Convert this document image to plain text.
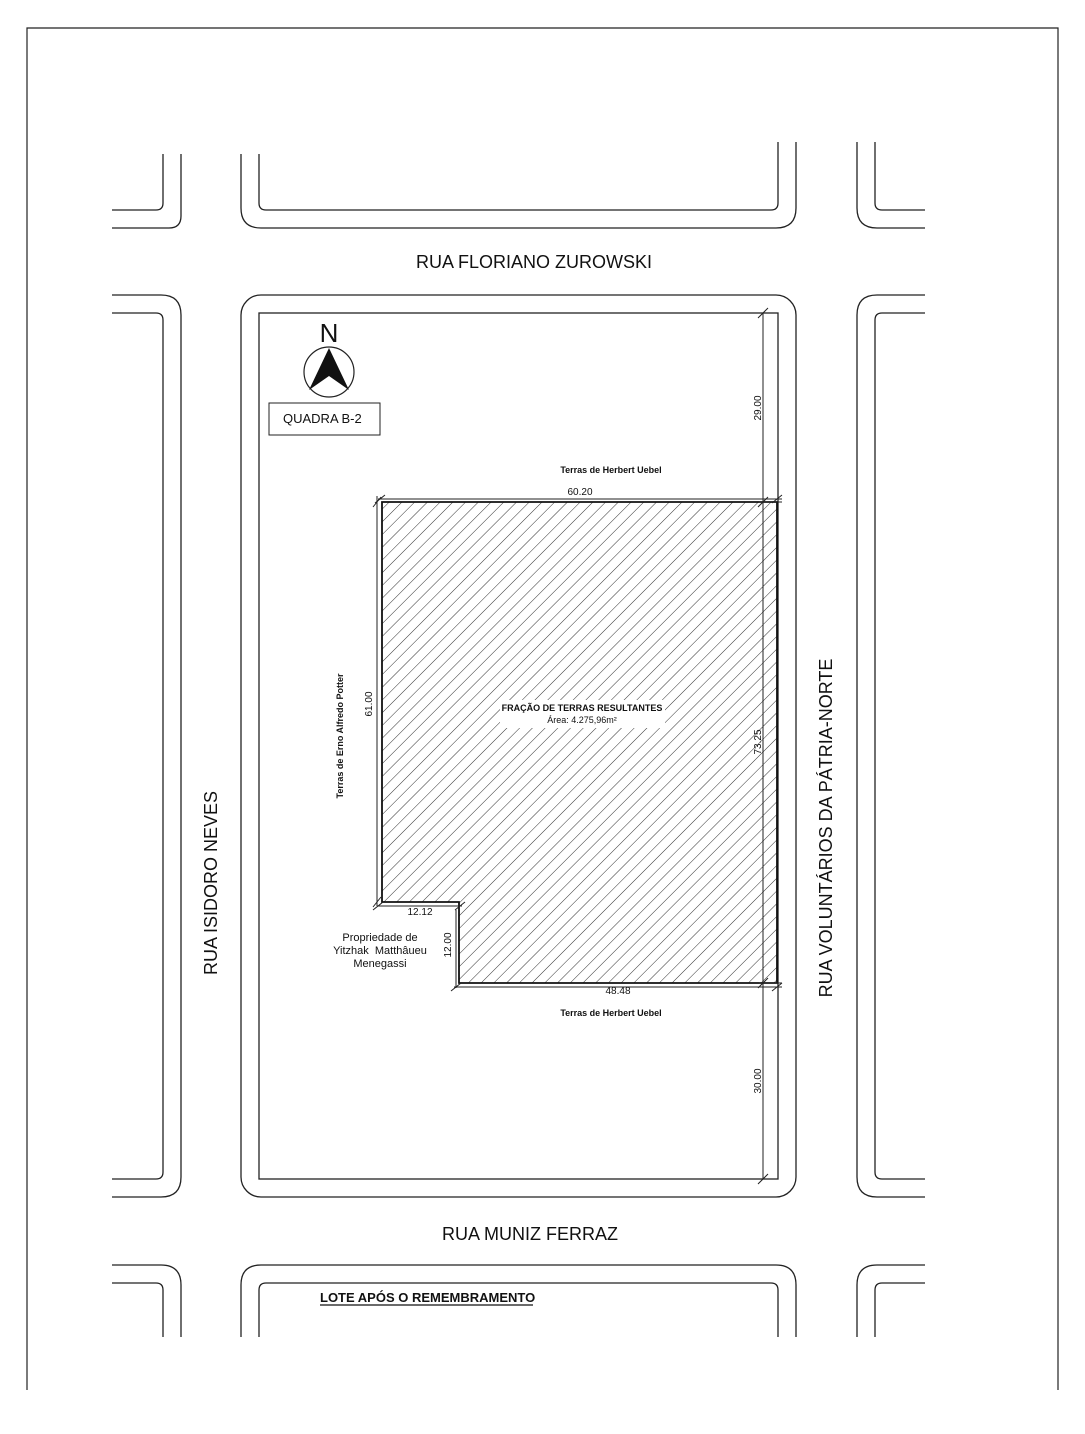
RUA FLORIANO ZUROWSKI
RUA MUNIZ FERRAZ
RUA ISIDORO NEVES	RUA VOLUNTÁRIOS DA PÁTRIA-NORTE
N
QUADRA B-2
FRAÇÃO DE TERRAS RESULTANTES
Área: 4.275,96m²
Terras de Herbert Uebel
Terras de Herbert Uebel
Terras de Erno Alfredo Potter
Propriedade de
Yitzhak  Matthâueu
Menegassi
60.20
61.00
73.25
29.00
30.00
12.12
12.00
48.48
LOTE APÓS O REMEMBRAMENTO
